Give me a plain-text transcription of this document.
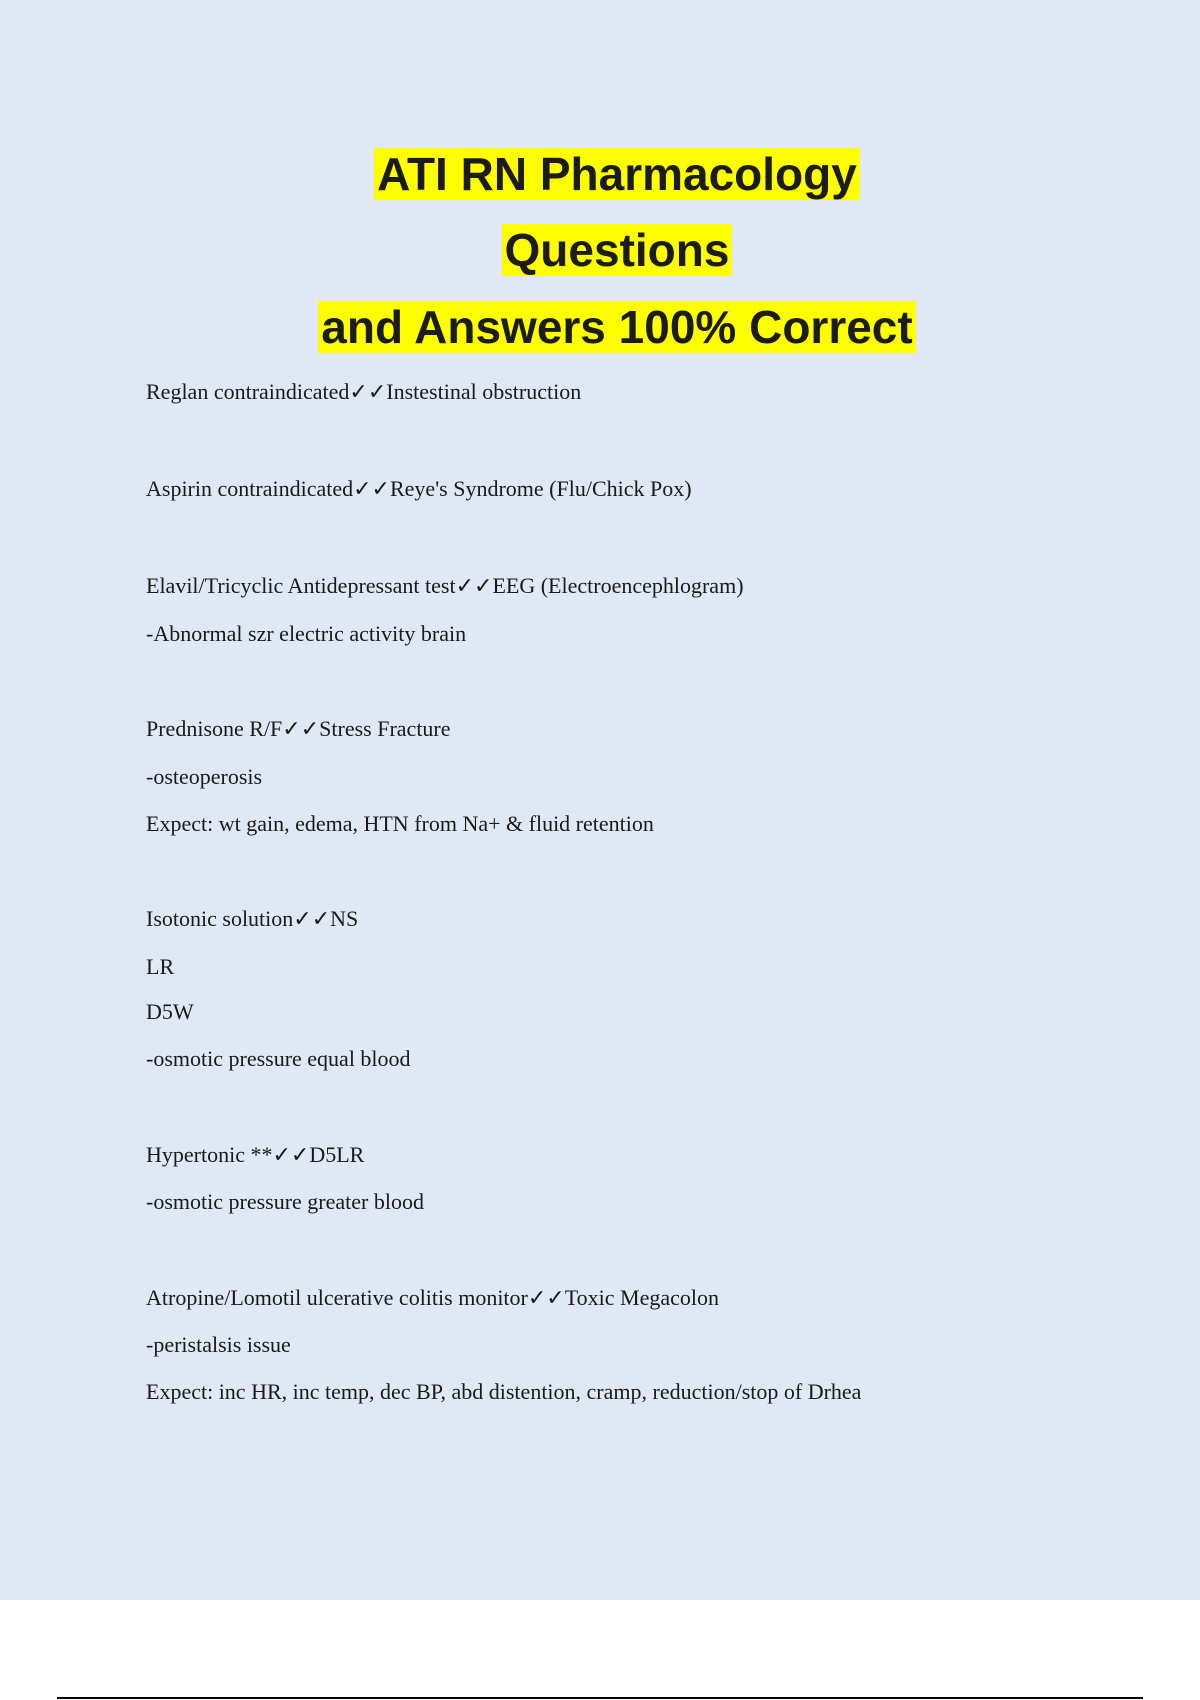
ATI RN Pharmacology
Questions
and Answers 100% Correct

Reglan contraindicated✓✓Instestinal obstruction

Aspirin contraindicated✓✓Reye's Syndrome (Flu/Chick Pox)

Elavil/Tricyclic Antidepressant test✓✓EEG (Electroencephlogram)

-Abnormal szr electric activity brain

Prednisone R/F✓✓Stress Fracture

-osteoperosis

Expect: wt gain, edema, HTN from Na+ & fluid retention

Isotonic solution✓✓NS

LR

D5W

-osmotic pressure equal blood

Hypertonic **✓✓D5LR

-osmotic pressure greater blood

Atropine/Lomotil ulcerative colitis monitor✓✓Toxic Megacolon

-peristalsis issue

Expect: inc HR, inc temp, dec BP, abd distention, cramp, reduction/stop of Drhea
